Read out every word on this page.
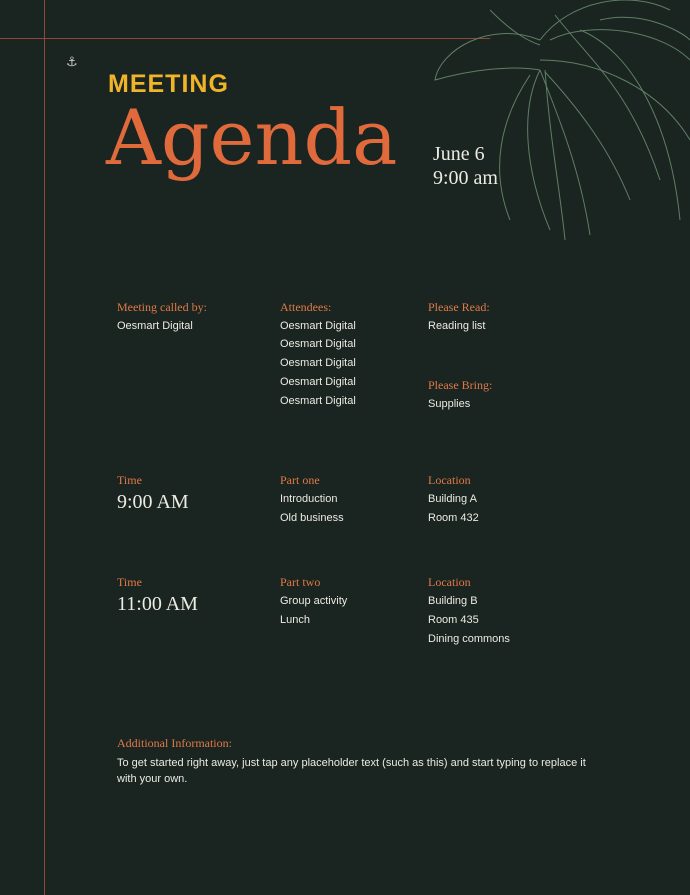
⚓
MEETING
Agenda June 6
9:00 am
Meeting called by:
Oesmart Digital
Attendees:
Oesmart Digital
Oesmart Digital
Oesmart Digital
Oesmart Digital
Oesmart Digital
Please Read:
Reading list
Please Bring:
Supplies
Time
9:00 AM
Part one
Introduction
Old business
Location
Building A
Room 432
Time
11:00 AM
Part two
Group activity
Lunch
Location
Building B
Room 435
Dining commons
Additional Information:
To get started right away, just tap any placeholder text (such as this) and start typing to replace it with your own.
